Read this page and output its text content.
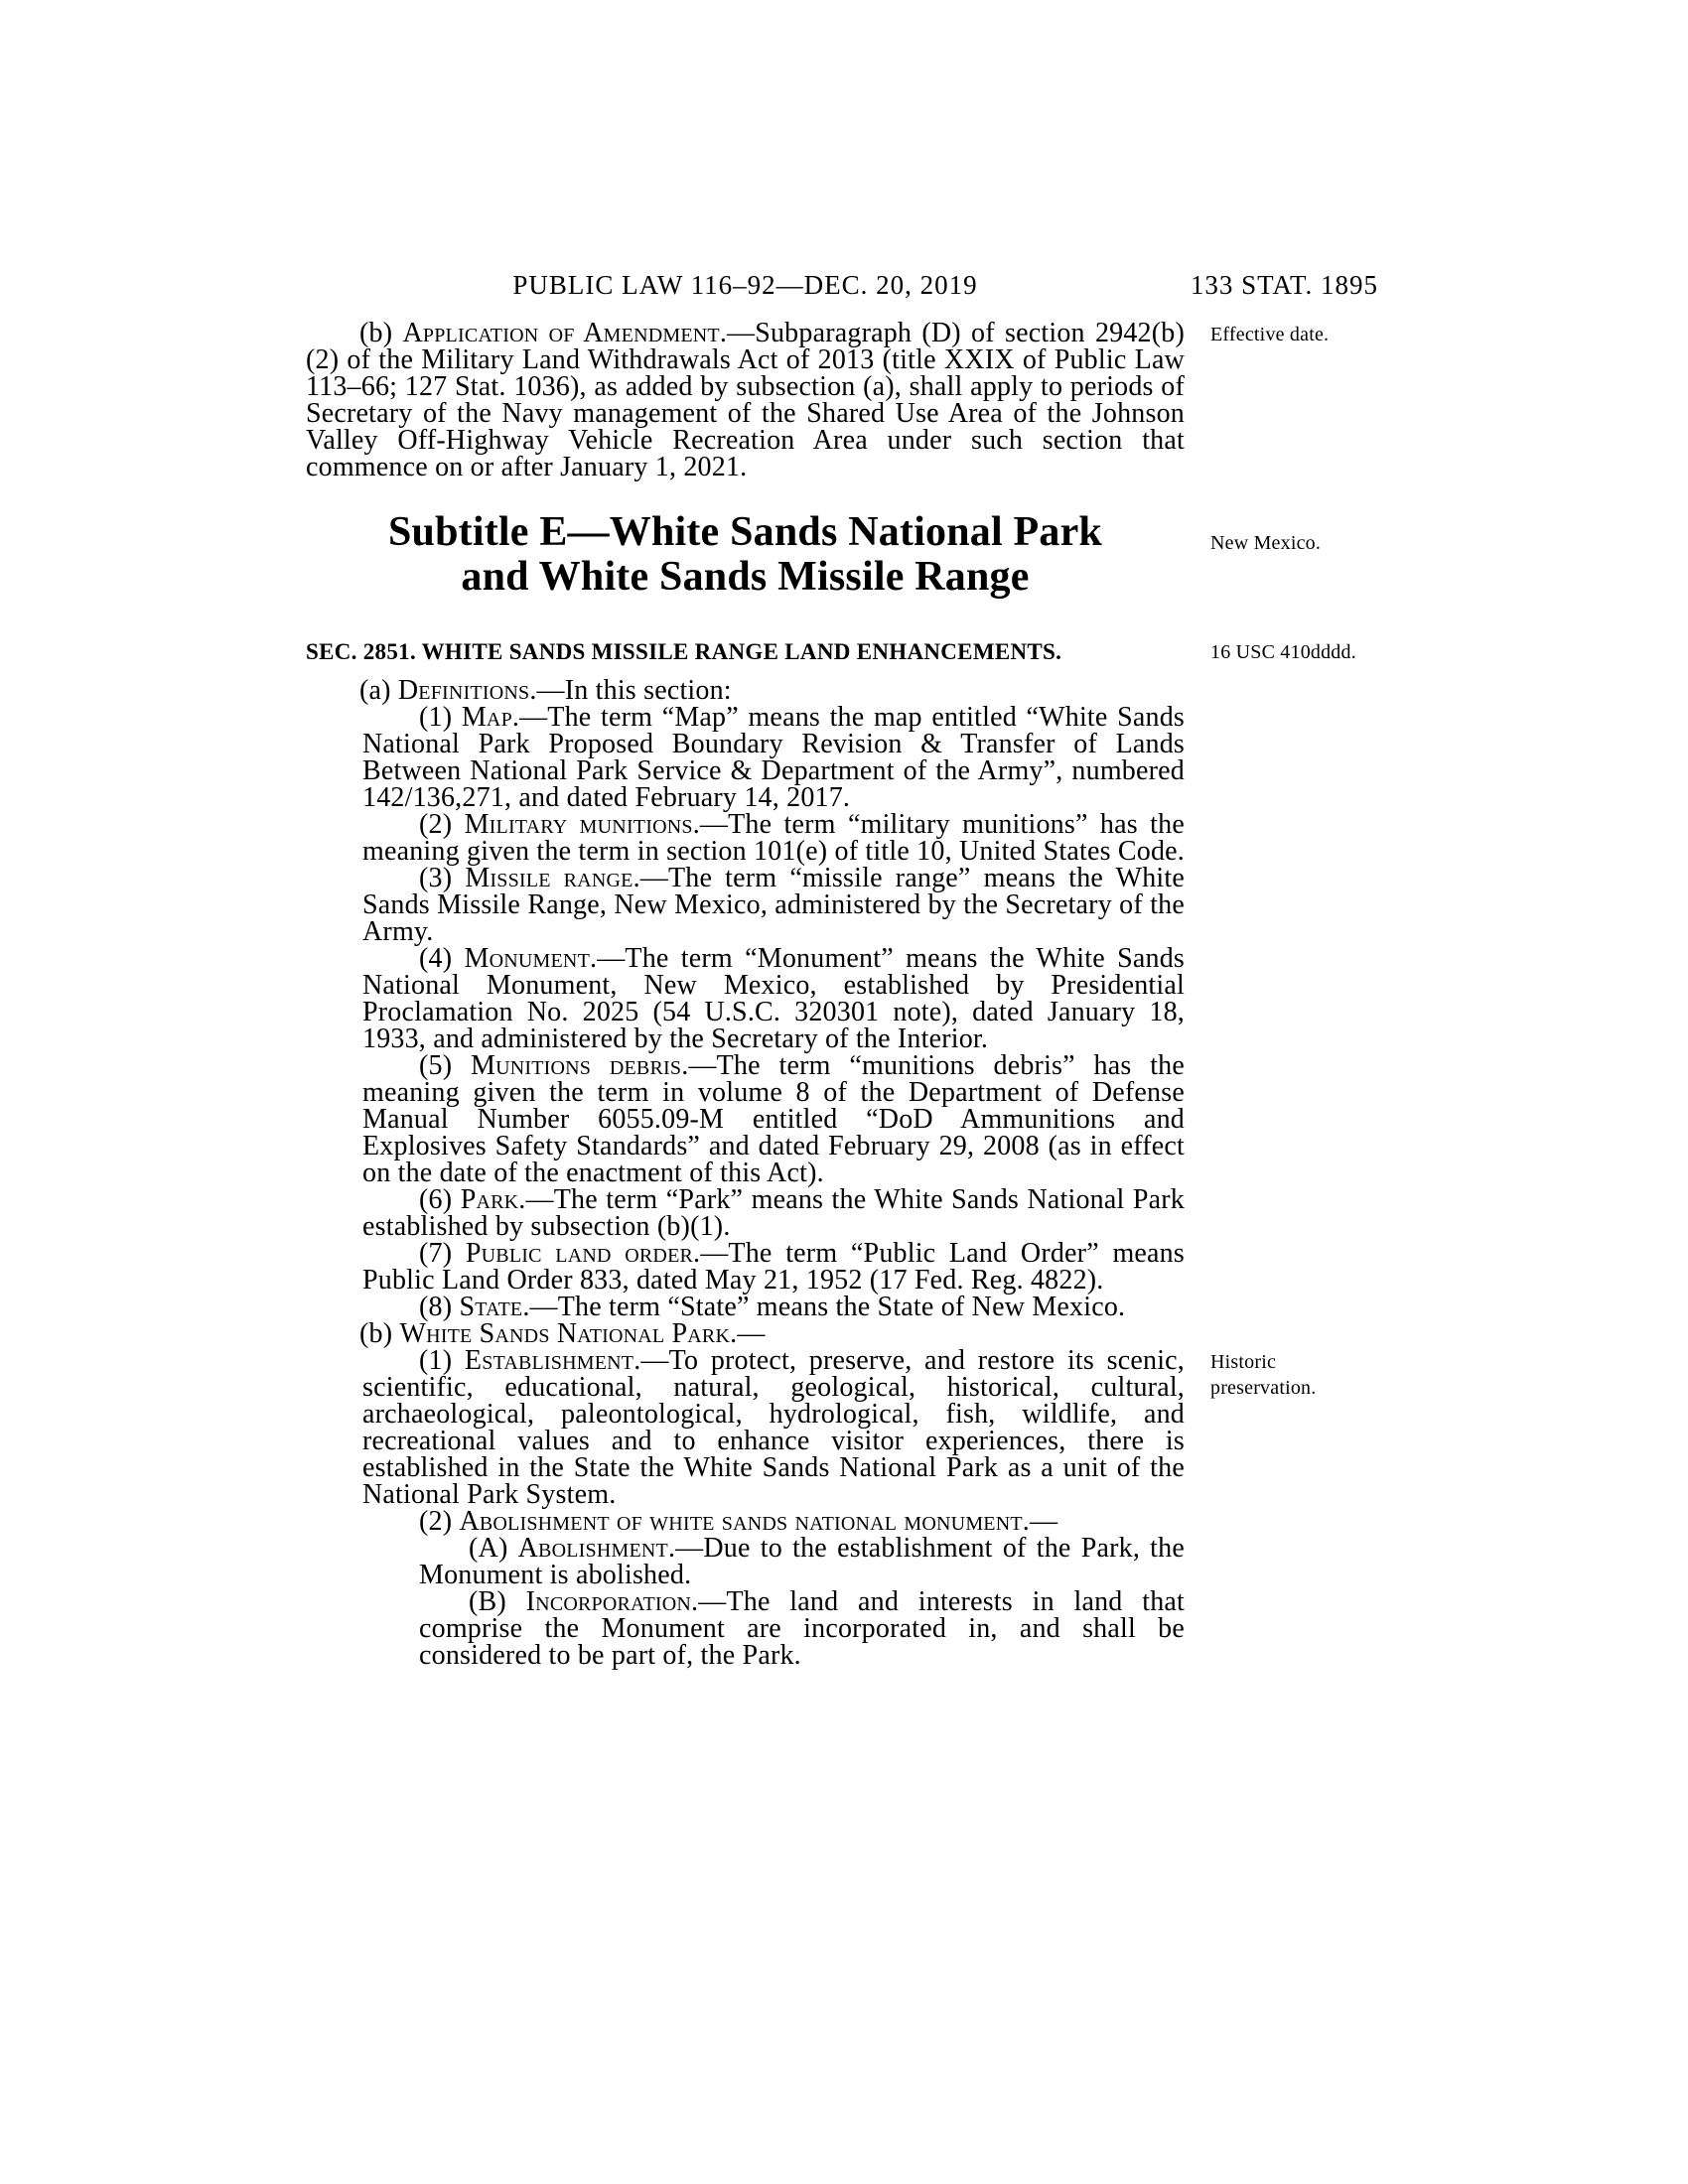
PUBLIC LAW 116–92—DEC. 20, 2019	133 STAT. 1895

(b) Application of Amendment.—Subparagraph (D) of section 2942(b)(2) of the Military Land Withdrawals Act of 2013 (title XXIX of Public Law 113–66; 127 Stat. 1036), as added by subsection (a), shall apply to periods of Secretary of the Navy management of the Shared Use Area of the Johnson Valley Off-Highway Vehicle Recreation Area under such section that commence on or after January 1, 2021.

Subtitle E—White Sands National Park
and White Sands Missile Range
SEC. 2851. WHITE SANDS MISSILE RANGE LAND ENHANCEMENTS.

(a) Definitions.—In this section:

(1) Map.—The term “Map” means the map entitled “White Sands National Park Proposed Boundary Revision & Transfer of Lands Between National Park Service & Department of the Army”, numbered 142/136,271, and dated February 14, 2017.

(2) Military munitions.—The term “military munitions” has the meaning given the term in section 101(e) of title 10, United States Code.

(3) Missile range.—The term “missile range” means the White Sands Missile Range, New Mexico, administered by the Secretary of the Army.

(4) Monument.—The term “Monument” means the White Sands National Monument, New Mexico, established by Presidential Proclamation No. 2025 (54 U.S.C. 320301 note), dated January 18, 1933, and administered by the Secretary of the Interior.

(5) Munitions debris.—The term “munitions debris” has the meaning given the term in volume 8 of the Department of Defense Manual Number 6055.09-M entitled “DoD Ammunitions and Explosives Safety Standards” and dated February 29, 2008 (as in effect on the date of the enactment of this Act).

(6) Park.—The term “Park” means the White Sands National Park established by subsection (b)(1).

(7) Public land order.—The term “Public Land Order” means Public Land Order 833, dated May 21, 1952 (17 Fed. Reg. 4822).

(8) State.—The term “State” means the State of New Mexico.

(b) White Sands National Park.—

(1) Establishment.—To protect, preserve, and restore its scenic, scientific, educational, natural, geological, historical, cultural, archaeological, paleontological, hydrological, fish, wildlife, and recreational values and to enhance visitor experiences, there is established in the State the White Sands National Park as a unit of the National Park System.

(2) Abolishment of white sands national monument.—

(A) Abolishment.—Due to the establishment of the Park, the Monument is abolished.

(B) Incorporation.—The land and interests in land that comprise the Monument are incorporated in, and shall be considered to be part of, the Park.

Effective date.
New Mexico.
16 USC 410dddd.
Historic preservation.
